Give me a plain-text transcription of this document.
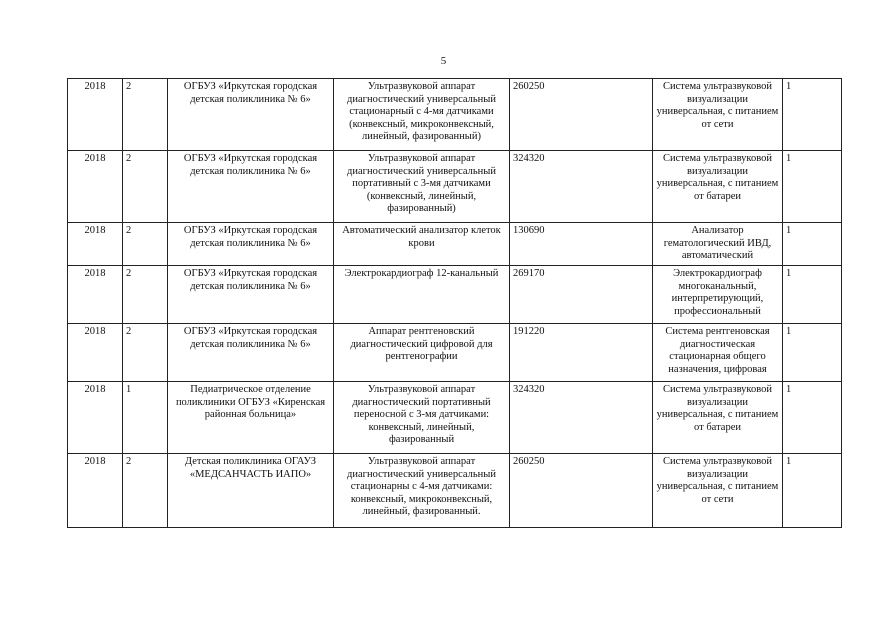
5
2018	2	ОГБУЗ «Иркутская городская детская поликлиника № 6»	Ультразвуковой аппарат диагностический универсальный стационарный с 4-мя датчиками (конвексный, микроконвексный, линейный, фазированный)	260250	Система ультразвуковой визуализации универсальная, с питанием от сети	1
2018	2	ОГБУЗ «Иркутская городская детская поликлиника № 6»	Ультразвуковой аппарат диагностический универсальный портативный с 3-мя датчиками (конвексный, линейный, фазированный)	324320	Система ультразвуковой визуализации универсальная, с питанием от батареи	1
2018	2	ОГБУЗ «Иркутская городская детская поликлиника № 6»	Автоматический анализатор клеток крови	130690	Анализатор гематологический ИВД, автоматический	1
2018	2	ОГБУЗ «Иркутская городская детская поликлиника № 6»	Электрокардиограф 12-канальный	269170	Электрокардиограф многоканальный, интерпретирующий, профессиональный	1
2018	2	ОГБУЗ «Иркутская городская детская поликлиника № 6»	Аппарат рентгеновский диагностический цифровой для рентгенографии	191220	Система рентгеновская диагностическая стационарная общего назначения, цифровая	1
2018	1	Педиатрическое отделение поликлиники ОГБУЗ «Киренская районная больница»	Ультразвуковой аппарат диагностический портативный переносной с 3-мя датчиками: конвексный, линейный, фазированный	324320	Система ультразвуковой визуализации универсальная, с питанием от батареи	1
2018	2	Детская поликлиника ОГАУЗ «МЕДСАНЧАСТЬ ИАПО»	Ультразвуковой аппарат диагностический универсальный стационарны с 4-мя датчиками: конвексный, микроконвексный, линейный, фазированный.	260250	Система ультразвуковой визуализации универсальная, с питанием от сети	1
